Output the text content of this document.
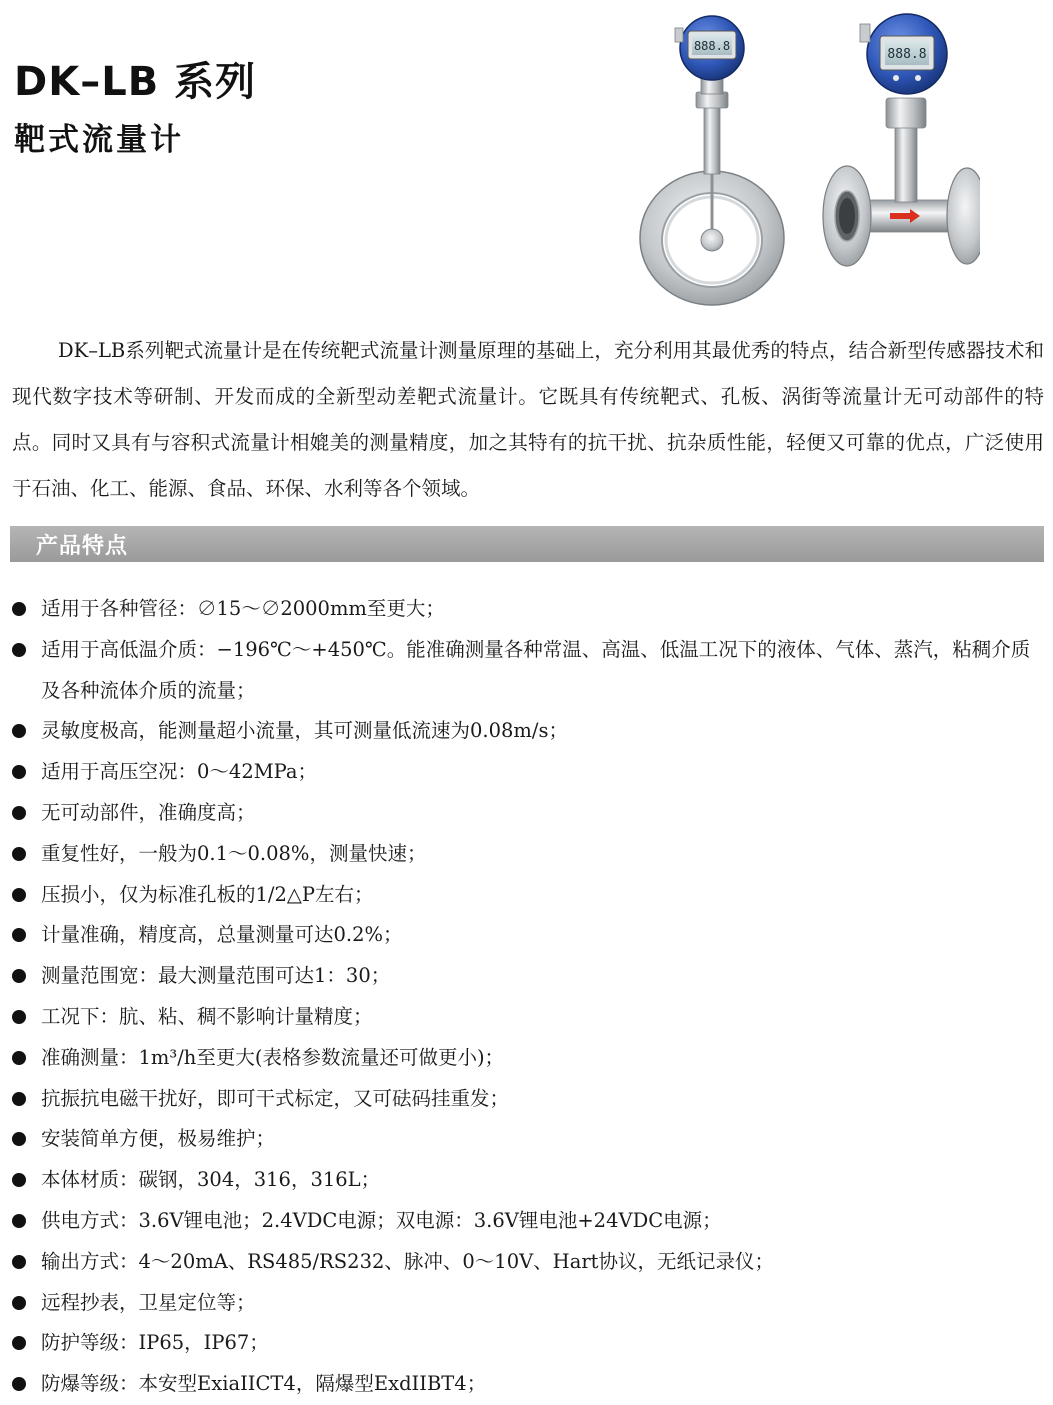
DK–LB 系列
靶式流量计
888.8
888.8

DK–LB系列靶式流量计是在传统靶式流量计测量原理的基础上，充分利用其最优秀的特点，结合新型传感器技术和现代数字技术等研制、开发而成的全新型动差靶式流量计。它既具有传统靶式、孔板、涡街等流量计无可动部件的特点。同时又具有与容积式流量计相媲美的测量精度，加之其特有的抗干扰、抗杂质性能，轻便又可靠的优点，广泛使用于石油、化工、能源、食品、环保、水利等各个领域。

产品特点
适用于各种管径：∅15～∅2000mm至更大；
适用于高低温介质：−196℃～+450℃。能准确测量各种常温、高温、低温工况下的液体、气体、蒸汽，粘稠介质及各种流体介质的流量；
灵敏度极高，能测量超小流量，其可测量低流速为0.08m/s；
适用于高压空况：0～42MPa；
无可动部件，准确度高；
重复性好，一般为0.1～0.08%，测量快速；
压损小，仅为标准孔板的1/2△P左右；
计量准确，精度高，总量测量可达0.2%；
测量范围宽：最大测量范围可达1：30；
工况下：肮、粘、稠不影响计量精度；
准确测量：1m³/h至更大(表格参数流量还可做更小)；
抗振抗电磁干扰好，即可干式标定，又可砝码挂重发；
安装简单方便，极易维护；
本体材质：碳钢，304，316，316L；
供电方式：3.6V锂电池；2.4VDC电源；双电源：3.6V锂电池+24VDC电源；
输出方式：4～20mA、RS485/RS232、脉冲、0～10V、Hart协议，无纸记录仪；
远程抄表，卫星定位等；
防护等级：IP65，IP67；
防爆等级：本安型ExiaIICT4，隔爆型ExdIIBT4；
